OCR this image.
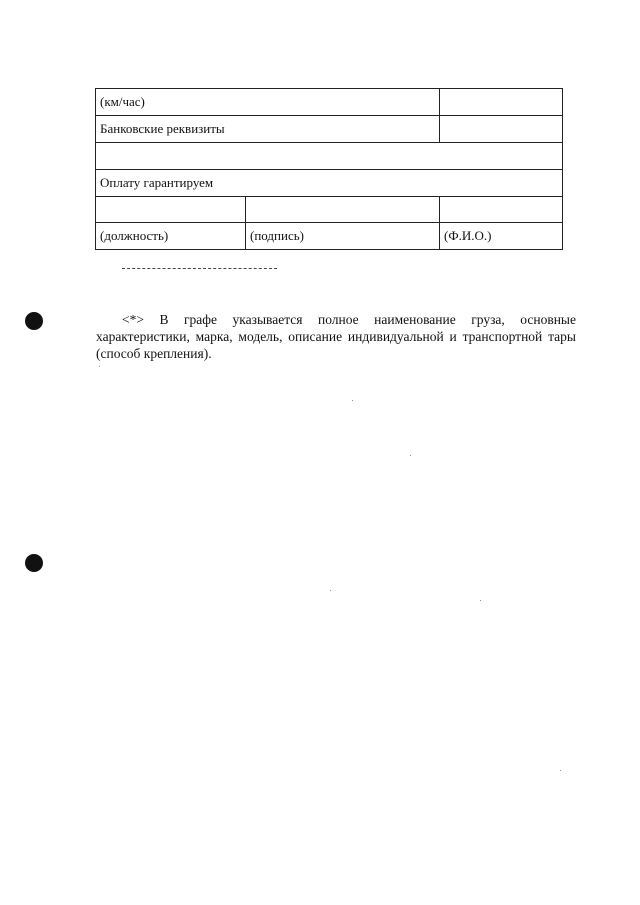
(км/час)		
Банковские реквизиты		

Оплату гарантируем		

(должность)	(подпись)	(Ф.И.О.)

<*> В графе указывается полное наименование груза, основные характеристики, марка, модель, описание индивидуальной и транспортной тары (способ крепления).
